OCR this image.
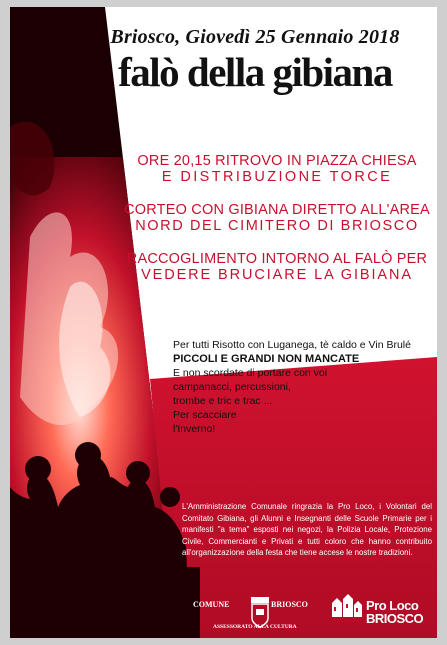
Briosco, Giovedì 25 Gennaio 2018
falò della gibiana
ORE 20,15 RITROVO IN PIAZZA CHIESA
E DISTRIBUZIONE TORCE
CORTEO CON GIBIANA DIRETTO ALL'AREA
NORD DEL CIMITERO DI BRIOSCO
RACCOGLIMENTO INTORNO AL FALÒ PER
VEDERE BRUCIARE LA GIBIANA
Per tutti Risotto con Luganega, tè caldo e Vin Brulé
PICCOLI E GRANDI NON MANCATE
E non scordate di portare con voi
campanacci, percussioni,
trombe e tric e trac ...
Per scacciare
l'Inverno!
L'Amministrazione Comunale ringrazia la Pro Loco, i Volontari del Comitato Gibiana, gli Alunni e Insegnanti delle Scuole Primarie per i manifesti "a tema" esposti nei negozi, la Polizia Locale, Protezione Civile, Commercianti e Privati e tutti coloro che hanno contribuito all'organizzazione della festa che tiene accese le nostre tradizioni.
COMUNE	BRIOSCO
ASSESSORATO ALLA CULTURA
Pro Loco
BRIOSCO
